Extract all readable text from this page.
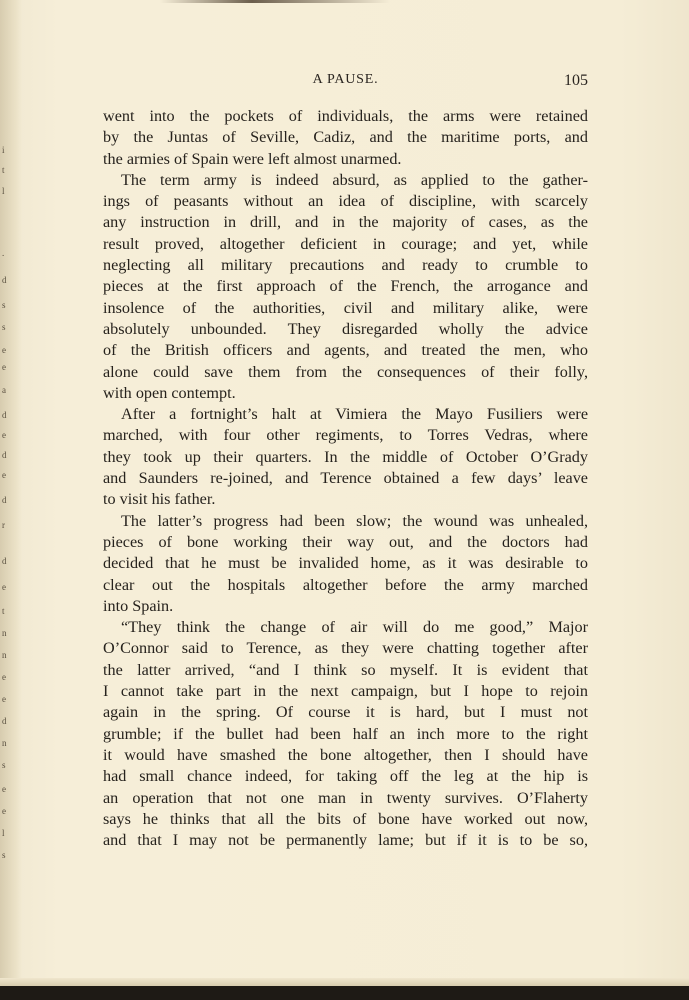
i
t
l
.
d
s
s
e
e
a
d
e
d
e
d
r
d
e
t
n
n
e
e
d
n
s
e
e
l
s
A PAUSE.	105

went into the pockets of individuals, the arms were retained
by the Juntas of Seville, Cadiz, and the maritime ports, and
the armies of Spain were left almost unarmed.

The term army is indeed absurd, as applied to the gather-
ings of peasants without an idea of discipline, with scarcely
any instruction in drill, and in the majority of cases, as the
result proved, altogether deficient in courage; and yet, while
neglecting all military precautions and ready to crumble to
pieces at the first approach of the French, the arrogance and
insolence of the authorities, civil and military alike, were
absolutely unbounded. They disregarded wholly the advice
of the British officers and agents, and treated the men, who
alone could save them from the consequences of their folly,
with open contempt.

After a fortnight’s halt at Vimiera the Mayo Fusiliers were
marched, with four other regiments, to Torres Vedras, where
they took up their quarters. In the middle of October O’Grady
and Saunders re-joined, and Terence obtained a few days’ leave
to visit his father.

The latter’s progress had been slow; the wound was unhealed,
pieces of bone working their way out, and the doctors had
decided that he must be invalided home, as it was desirable to
clear out the hospitals altogether before the army marched
into Spain.

“They think the change of air will do me good,” Major
O’Connor said to Terence, as they were chatting together after
the latter arrived, “and I think so myself. It is evident that
I cannot take part in the next campaign, but I hope to rejoin
again in the spring. Of course it is hard, but I must not
grumble; if the bullet had been half an inch more to the right
it would have smashed the bone altogether, then I should have
had small chance indeed, for taking off the leg at the hip is
an operation that not one man in twenty survives. O’Flaherty
says he thinks that all the bits of bone have worked out now,
and that I may not be permanently lame; but if it is to be so,
